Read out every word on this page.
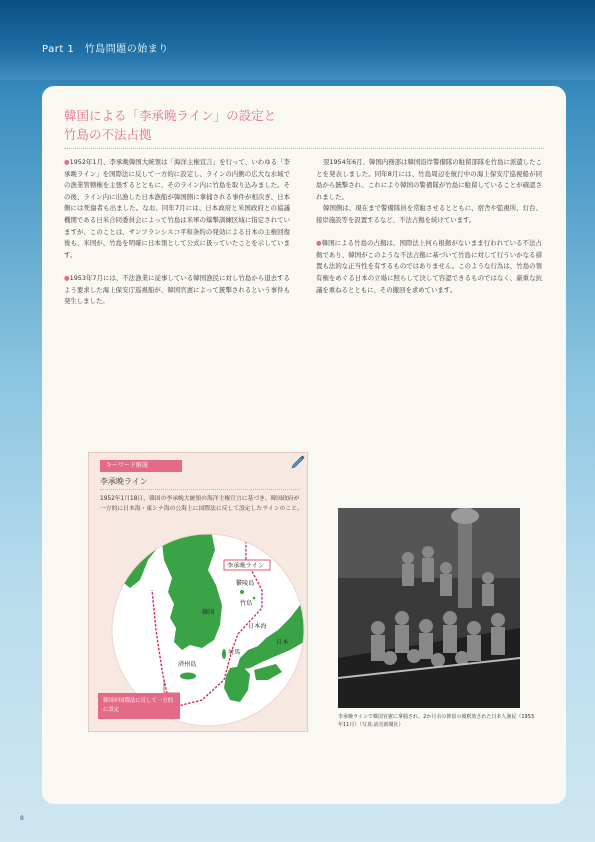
Part 1　竹島問題の始まり
韓国による「李承晩ライン」の設定と
竹島の不法占拠

●1952年1月、李承晩韓国大統領は「海洋主権宣言」を行って、いわゆる「李承晩ライン」を国際法に反して一方的に設定し、ラインの内側の広大な水域での漁業管轄権を主張するとともに、そのライン内に竹島を取り込みました。その後、ライン内に出漁した日本漁船が韓国側に拿捕される事件が相次ぎ、日本側には死傷者も出ました。なお、同年7月には、日本政府と米国政府との協議機関である日米合同委員会によって竹島は米軍の爆撃訓練区域に指定されていますが、このことは、サンフランシスコ平和条約の発効による日本の主権回復後も、米国が、竹島を明確に日本領として公式に扱っていたことを示しています。

●1953年7月には、不法漁業に従事している韓国漁民に対し竹島から退去するよう要求した海上保安庁巡視船が、韓国官憲によって銃撃されるという事件も発生しました。

翌1954年6月、韓国内務部は韓国沿岸警備隊の駐留部隊を竹島に派遣したことを発表しました。同年8月には、竹島周辺を航行中の海上保安庁巡視船が同島から銃撃され、これにより韓国の警備隊が竹島に駐留していることが確認されました。

韓国側は、現在まで警備隊員を常駐させるとともに、宿舎や監視所、灯台、接岸施設等を設置するなど、不法占拠を続けています。

●韓国による竹島の占拠は、国際法上何ら根拠がないまま行われている不法占拠であり、韓国がこのような不法占拠に基づいて竹島に対して行ういかなる措置も法的な正当性を有するものではありません。このような行為は、竹島の領有権をめぐる日本の立場に照らして決して容認できるものではなく、厳重な抗議を重ねるとともに、その撤回を求めています。

キーワード解説
李承晩ライン
1952年1月18日、韓国の李承晩大統領の海洋主権宣言に基づき、韓国政府が一方的に日本海・東シナ海の公海上に国際法に反して設定したラインのこと。
李承晩ライン
鬱陵島
竹島
韓国
日本海
日本
対馬
済州島
韓国が国際法に反して一方的に設定
李承晩ラインで韓国官憲に拿捕され、2か月余の抑留の後釈放された日本人漁民（1953年11月）（写真:読売新聞社）
8
